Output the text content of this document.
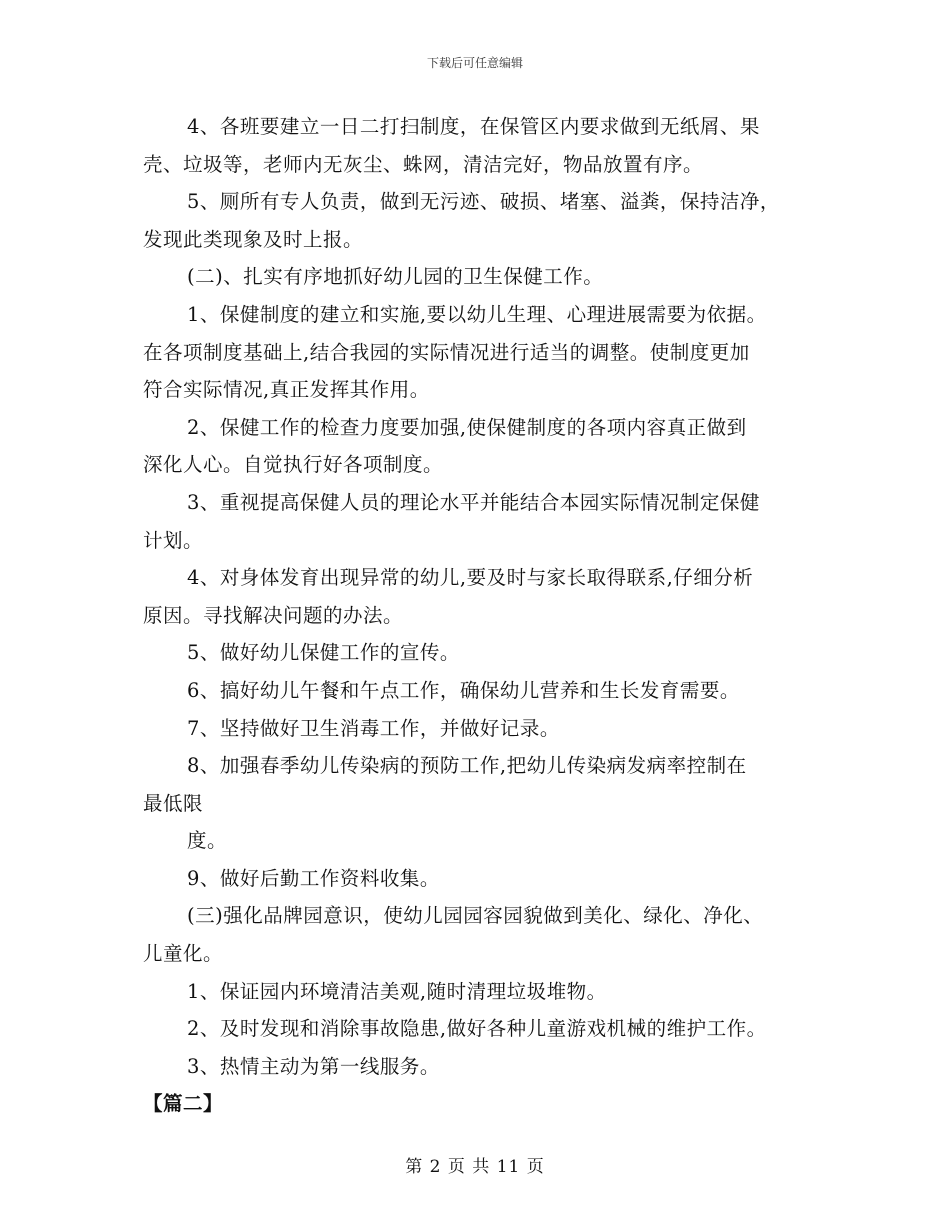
下载后可任意编辑
4、各班要建立一日二打扫制度，在保管区内要求做到无纸屑、果
壳、垃圾等，老师内无灰尘、蛛网，清洁完好，物品放置有序。
5、厕所有专人负责，做到无污迹、破损、堵塞、溢粪，保持洁净，
发现此类现象及时上报。
(二)、扎实有序地抓好幼儿园的卫生保健工作。
1、保健制度的建立和实施,要以幼儿生理、心理进展需要为依据。
在各项制度基础上,结合我园的实际情况进行适当的调整。使制度更加
符合实际情况,真正发挥其作用。
2、保健工作的检查力度要加强,使保健制度的各项内容真正做到
深化人心。自觉执行好各项制度。
3、重视提高保健人员的理论水平并能结合本园实际情况制定保健
计划。
4、对身体发育出现异常的幼儿,要及时与家长取得联系,仔细分析
原因。寻找解决问题的办法。
5、做好幼儿保健工作的宣传。
6、搞好幼儿午餐和午点工作，确保幼儿营养和生长发育需要。
7、坚持做好卫生消毒工作，并做好记录。
8、加强春季幼儿传染病的预防工作,把幼儿传染病发病率控制在
最低限
度。
9、做好后勤工作资料收集。
(三)强化品牌园意识，使幼儿园园容园貌做到美化、绿化、净化、
儿童化。
1、保证园内环境清洁美观,随时清理垃圾堆物。
2、及时发现和消除事故隐患,做好各种儿童游戏机械的维护工作。
3、热情主动为第一线服务。
【篇二】
第 2 页 共 11 页
